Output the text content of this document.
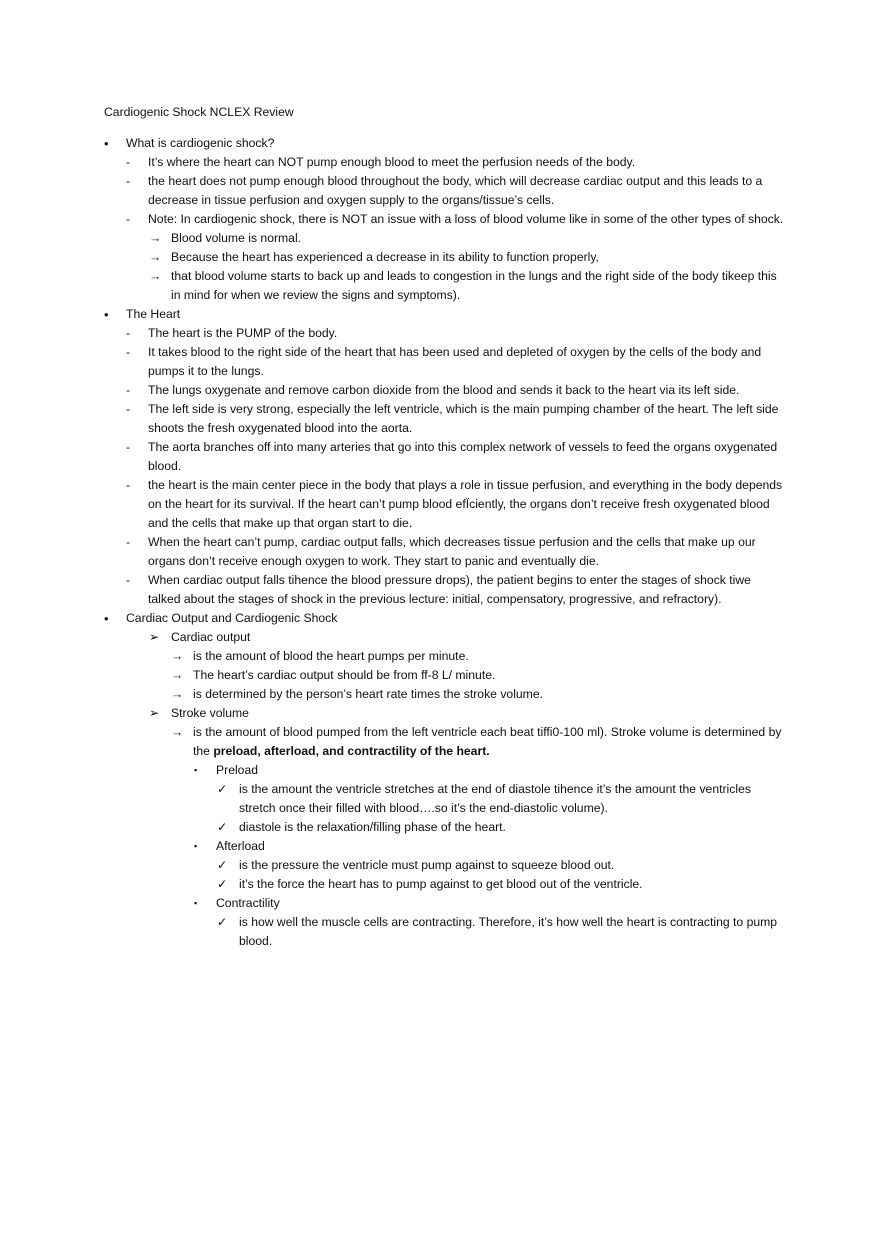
Cardiogenic Shock NCLEX Review
•	What is cardiogenic shock?
-	It’s where the heart can NOT pump enough blood to meet the perfusion needs of the body.
-	the heart does not pump enough blood throughout the body, which will decrease cardiac output and this leads to a decrease in tissue perfusion and oxygen supply to the organs/tissue’s cells.
-	Note: In cardiogenic shock, there is NOT an issue with a loss of blood volume like in some of the other types of shock.
→ Blood volume is normal.
→ Because the heart has experienced a decrease in its ability to function properly,
→ that blood volume starts to back up and leads to congestion in the lungs and the right side of the body tikeep this in mind for when we review the signs and symptoms).
•	The Heart
-	The heart is the PUMP of the body.
-	It takes blood to the right side of the heart that has been used and depleted of oxygen by the cells of the body and pumps it to the lungs.
-	The lungs oxygenate and remove carbon dioxide from the blood and sends it back to the heart via its left side.
-	The left side is very strong, especially the left ventricle, which is the main pumping chamber of the heart. The left side shoots the fresh oxygenated blood into the aorta.
-	The aorta branches off into many arteries that go into this complex network of vessels to feed the organs oxygenated blood.
-	the heart is the main center piece in the body that plays a role in tissue perfusion, and everything in the body depends on the heart for its survival. If the heart can’t pump blood efÏciently, the organs don’t receive fresh oxygenated blood and the cells that make up that organ start to die.
-	When the heart can’t pump, cardiac output falls, which decreases tissue perfusion and the cells that make up our organs don’t receive enough oxygen to work. They start to panic and eventually die.
-	When cardiac output falls tihence the blood pressure drops), the patient begins to enter the stages of shock tiwe talked about the stages of shock in the previous lecture: initial, compensatory, progressive, and refractory).
•	Cardiac Output and Cardiogenic Shock
➢ Cardiac output
→ is the amount of blood the heart pumps per minute.
→ The heart’s cardiac output should be from ff-8 L/ minute.
→ is determined by the person’s heart rate times the stroke volume.
➢ Stroke volume
→ is the amount of blood pumped from the left ventricle each beat tiffi0-100 ml). Stroke volume is determined by the preload, afterload, and contractility of the heart.
▪	Preload
✓ is the amount the ventricle stretches at the end of diastole tihence it’s the amount the ventricles stretch once their filled with blood….so it’s the end-diastolic volume).
✓ diastole is the relaxation/filling phase of the heart.
▪	Afterload
✓ is the pressure the ventricle must pump against to squeeze blood out.
✓ it’s the force the heart has to pump against to get blood out of the ventricle.
▪	Contractility
✓ is how well the muscle cells are contracting. Therefore, it’s how well the heart is contracting to pump blood.
